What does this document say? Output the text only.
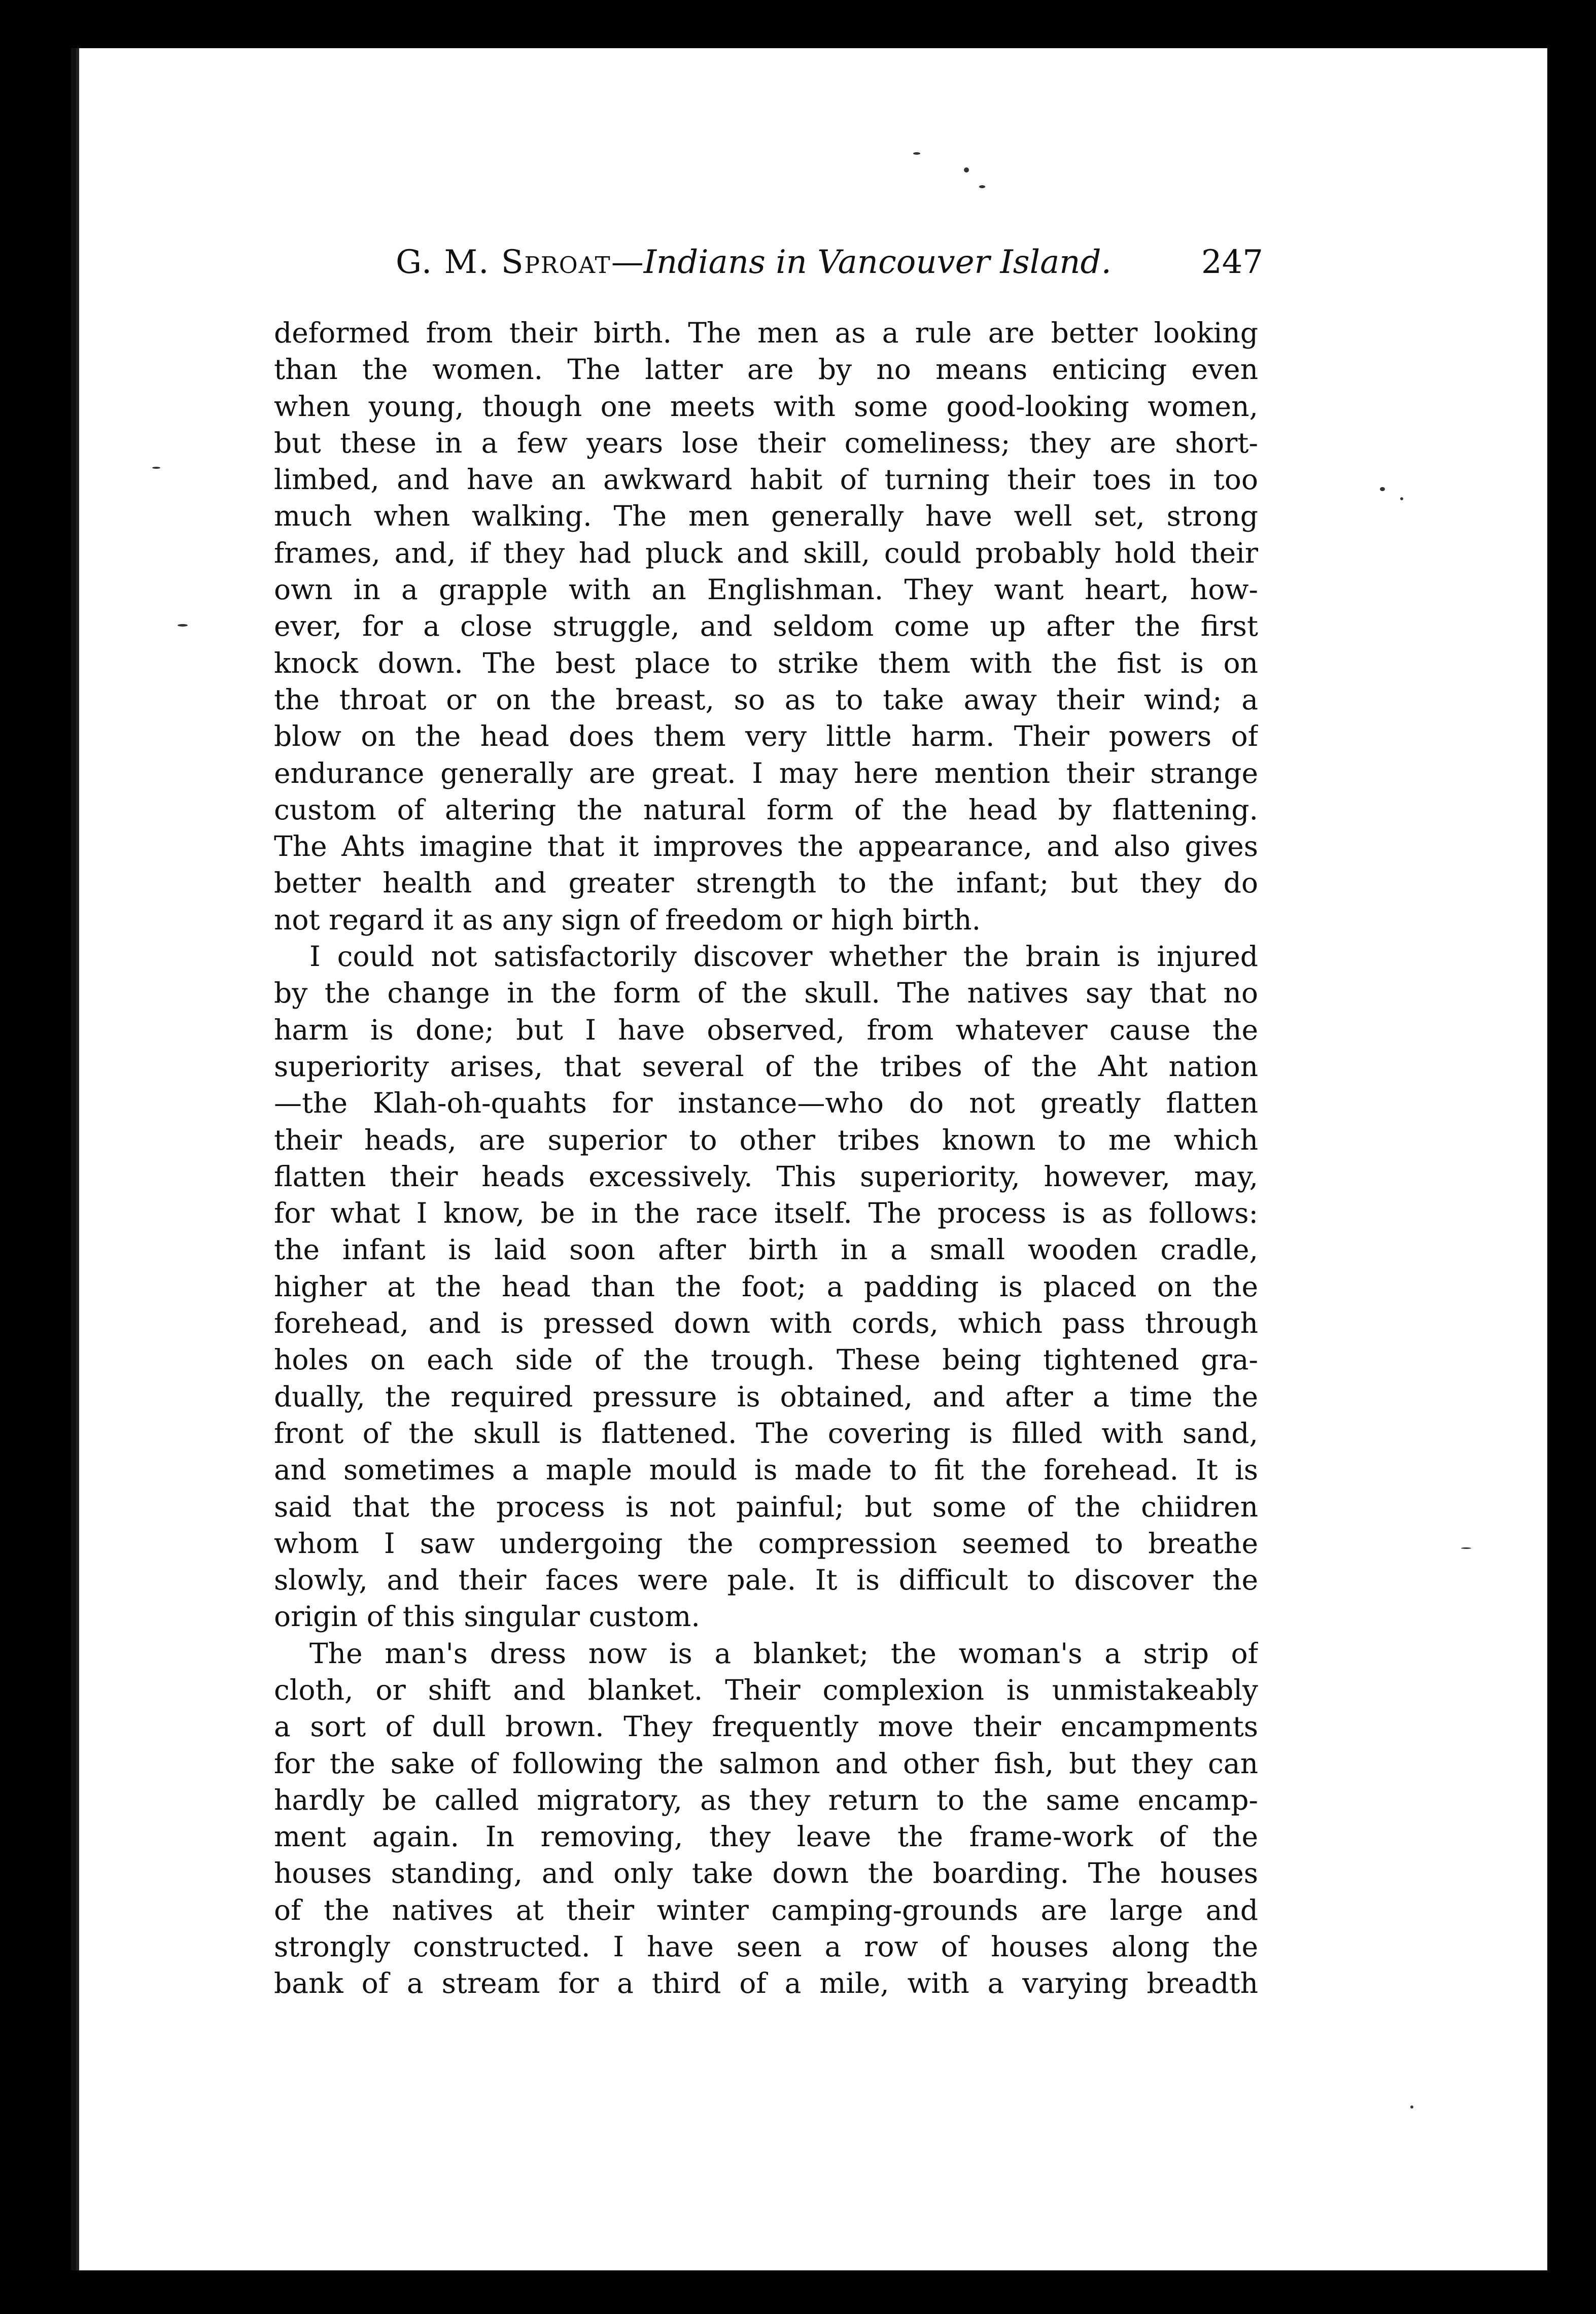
G. M. Sproat—Indians in Vancouver Island.	247
deformed from their birth. The men as a rule are better looking
than the women. The latter are by no means enticing even
when young, though one meets with some good-looking women,
but these in a few years lose their comeliness; they are short-
limbed, and have an awkward habit of turning their toes in too
much when walking. The men generally have well set, strong
frames, and, if they had pluck and skill, could probably hold their
own in a grapple with an Englishman. They want heart, how-
ever, for a close struggle, and seldom come up after the first
knock down. The best place to strike them with the fist is on
the throat or on the breast, so as to take away their wind; a
blow on the head does them very little harm. Their powers of
endurance generally are great. I may here mention their strange
custom of altering the natural form of the head by flattening.
The Ahts imagine that it improves the appearance, and also gives
better health and greater strength to the infant; but they do
not regard it as any sign of freedom or high birth.
I could not satisfactorily discover whether the brain is injured
by the change in the form of the skull. The natives say that no
harm is done; but I have observed, from whatever cause the
superiority arises, that several of the tribes of the Aht nation
—the Klah-oh-quahts for instance—who do not greatly flatten
their heads, are superior to other tribes known to me which
flatten their heads excessively. This superiority, however, may,
for what I know, be in the race itself. The process is as follows:
the infant is laid soon after birth in a small wooden cradle,
higher at the head than the foot; a padding is placed on the
forehead, and is pressed down with cords, which pass through
holes on each side of the trough. These being tightened gra-
dually, the required pressure is obtained, and after a time the
front of the skull is flattened. The covering is filled with sand,
and sometimes a maple mould is made to fit the forehead. It is
said that the process is not painful; but some of the chiidren
whom I saw undergoing the compression seemed to breathe
slowly, and their faces were pale. It is difficult to discover the
origin of this singular custom.
The man's dress now is a blanket; the woman's a strip of
cloth, or shift and blanket. Their complexion is unmistakeably
a sort of dull brown. They frequently move their encampments
for the sake of following the salmon and other fish, but they can
hardly be called migratory, as they return to the same encamp-
ment again. In removing, they leave the frame-work of the
houses standing, and only take down the boarding. The houses
of the natives at their winter camping-grounds are large and
strongly constructed. I have seen a row of houses along the
bank of a stream for a third of a mile, with a varying breadth
